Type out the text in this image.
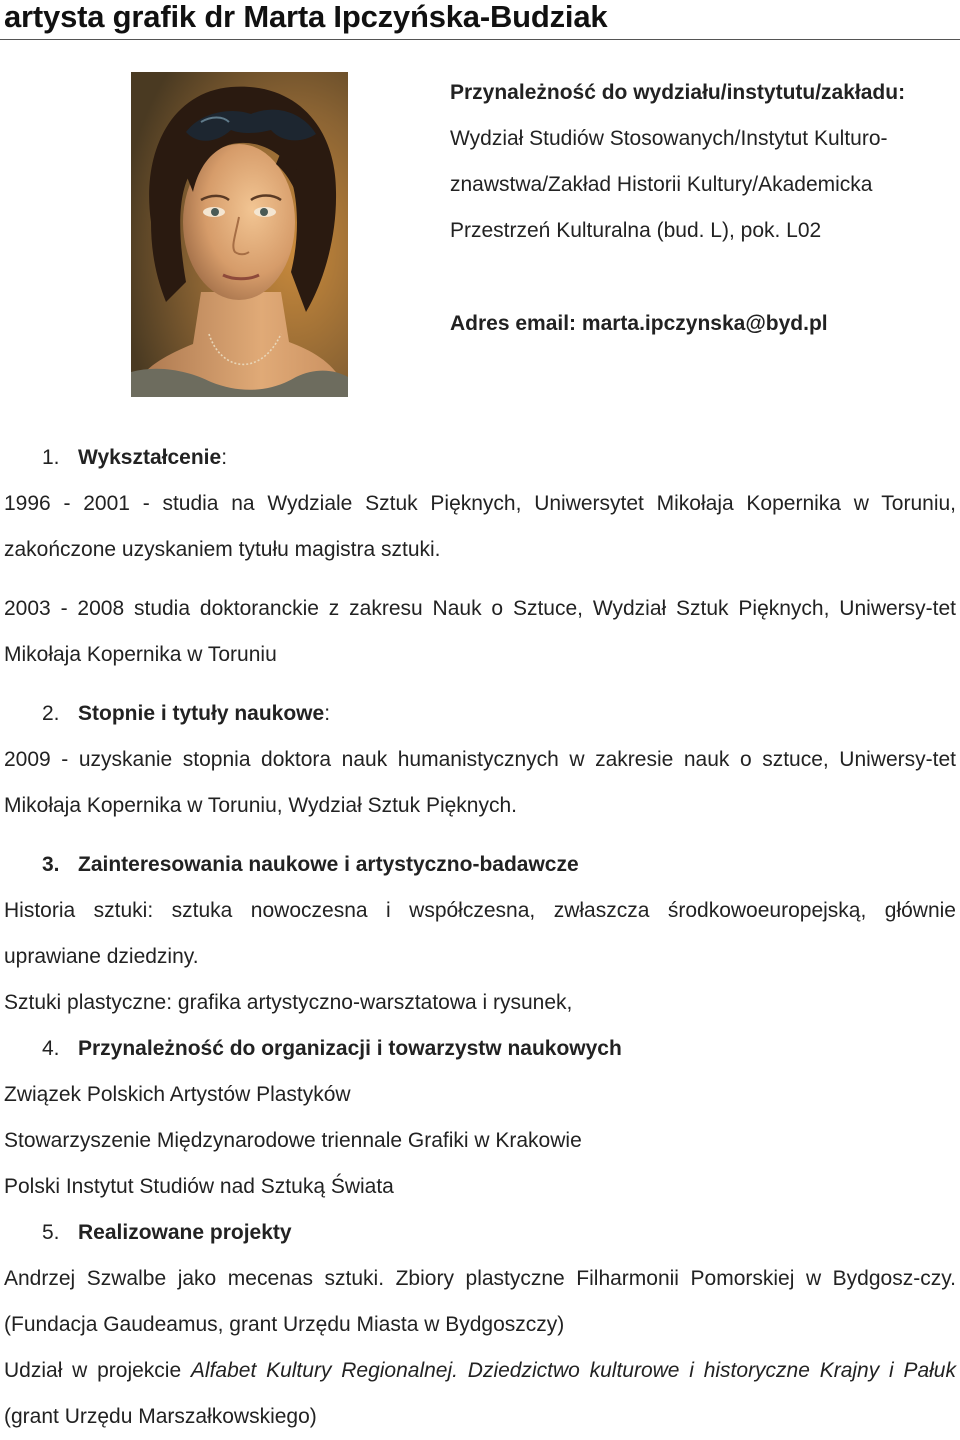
artysta grafik dr Marta Ipczyńska-Budziak

Przynależność do wydziału/instytutu/zakładu:

Wydział Studiów Stosowanych/Instytut Kulturo-

znawstwa/Zakład Historii Kultury/Akademicka

Przestrzeń Kulturalna (bud. L), pok. L02

Adres email: marta.ipczynska@byd.pl

1. Wykształcenie:

1996 - 2001 - studia na Wydziale Sztuk Pięknych, Uniwersytet Mikołaja Kopernika w Toruniu, zakończone uzyskaniem tytułu magistra sztuki.

2003 - 2008 studia doktoranckie z zakresu Nauk o Sztuce, Wydział Sztuk Pięknych, Uniwersy-tet Mikołaja Kopernika w Toruniu

2. Stopnie i tytuły naukowe:

2009 - uzyskanie stopnia doktora nauk humanistycznych w zakresie nauk o sztuce, Uniwersy-tet Mikołaja Kopernika w Toruniu, Wydział Sztuk Pięknych.

3. Zainteresowania naukowe i artystyczno-badawcze

Historia sztuki: sztuka nowoczesna i współczesna, zwłaszcza środkowoeuropejską, głównie uprawiane dziedziny.

Sztuki plastyczne: grafika artystyczno-warsztatowa i rysunek,

4. Przynależność do organizacji i towarzystw naukowych

Związek Polskich Artystów Plastyków

Stowarzyszenie Międzynarodowe triennale Grafiki w Krakowie

Polski Instytut Studiów nad Sztuką Świata

5. Realizowane projekty

Andrzej Szwalbe jako mecenas sztuki. Zbiory plastyczne Filharmonii Pomorskiej w Bydgosz-czy. (Fundacja Gaudeamus, grant Urzędu Miasta w Bydgoszczy)

Udział w projekcie Alfabet Kultury Regionalnej. Dziedzictwo kulturowe i historyczne Krajny i Pałuk (grant Urzędu Marszałkowskiego)
